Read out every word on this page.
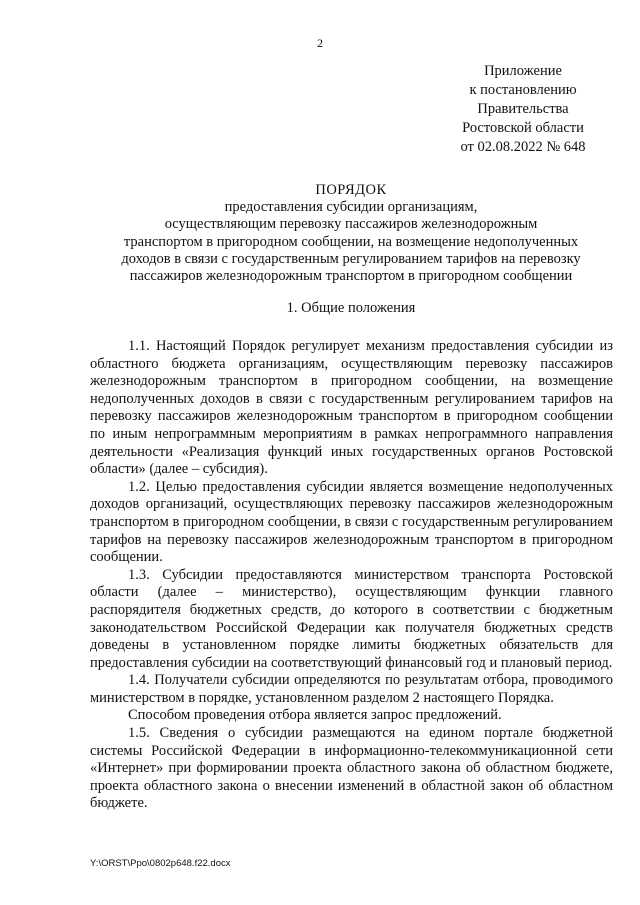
2
Приложение
к постановлению
Правительства
Ростовской области
от 02.08.2022 № 648
ПОРЯДОК
предоставления субсидии организациям,
осуществляющим перевозку пассажиров железнодорожным
транспортом в пригородном сообщении, на возмещение недополученных
доходов в связи с государственным регулированием тарифов на перевозку
пассажиров железнодорожным транспортом в пригородном сообщении
1. Общие положения

1.1. Настоящий Порядок регулирует механизм предоставления субсидии из областного бюджета организациям, осуществляющим перевозку пассажиров железнодорожным транспортом в пригородном сообщении, на возмещение недополученных доходов в связи с государственным регулированием тарифов на перевозку пассажиров железнодорожным транспортом в пригородном сообщении по иным непрограммным мероприятиям в рамках непрограммного направления деятельности «Реализация функций иных государственных органов Ростовской области» (далее – субсидия).

1.2. Целью предоставления субсидии является возмещение недополученных доходов организаций, осуществляющих перевозку пассажиров железнодорожным транспортом в пригородном сообщении, в связи с государственным регулированием тарифов на перевозку пассажиров железнодорожным транспортом в пригородном сообщении.

1.3. Субсидии предоставляются министерством транспорта Ростовской области (далее – министерство), осуществляющим функции главного распорядителя бюджетных средств, до которого в соответствии с бюджетным законодательством Российской Федерации как получателя бюджетных средств доведены в установленном порядке лимиты бюджетных обязательств для предоставления субсидии на соответствующий финансовый год и плановый период.

1.4. Получатели субсидии определяются по результатам отбора, проводимого министерством в порядке, установленном разделом 2 настоящего Порядка.

Способом проведения отбора является запрос предложений.

1.5. Сведения о субсидии размещаются на едином портале бюджетной системы Российской Федерации в информационно-телекоммуникационной сети «Интернет» при формировании проекта областного закона об областном бюджете, проекта областного закона о внесении изменений в областной закон об областном бюджете.

Y:\ORST\Ppo\0802p648.f22.docx
